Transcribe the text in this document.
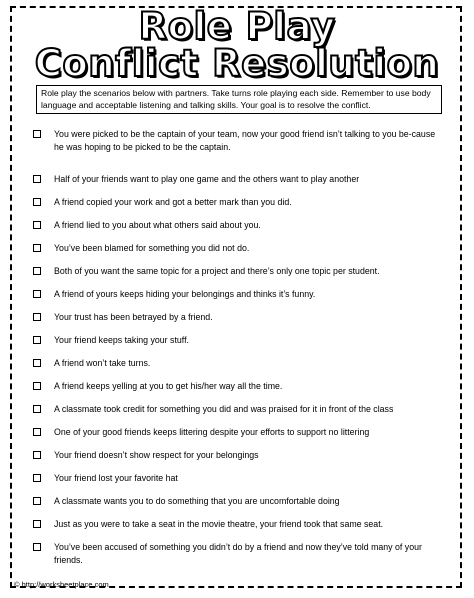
Role Play
Conflict Resolution
Role play the scenarios below with partners. Take turns role playing each side. Remember to use body language and acceptable listening and talking skills. Your goal is to resolve the conflict.
You were picked to be the captain of your team, now your good friend isn’t talking to you be-cause he was hoping to be picked to be the captain.
Half of your friends want to play one game and the others want to play another
A friend copied your work and got a better mark than you did.
A friend lied to you about what others said about you.
You’ve been blamed for something you did not do.
Both of you want the same topic for a project and there’s only one topic per student.
A friend of yours keeps hiding your belongings and thinks it’s funny.
Your trust has been betrayed by a friend.
Your friend keeps taking your stuff.
A friend won’t take turns.
A friend keeps yelling at you to get his/her way all the time.
A classmate took credit for something you did and was praised for it in front of the class
One of your good friends keeps littering despite your efforts to support no littering
Your friend doesn’t show respect for your belongings
Your friend lost your favorite hat
A classmate wants you to do something that you are uncomfortable doing
Just as you were to take a seat in the movie theatre, your friend took that same seat.
You’ve been accused of something you didn’t do by a friend and now they’ve told many of your friends.
© http://worksheetplace.com
